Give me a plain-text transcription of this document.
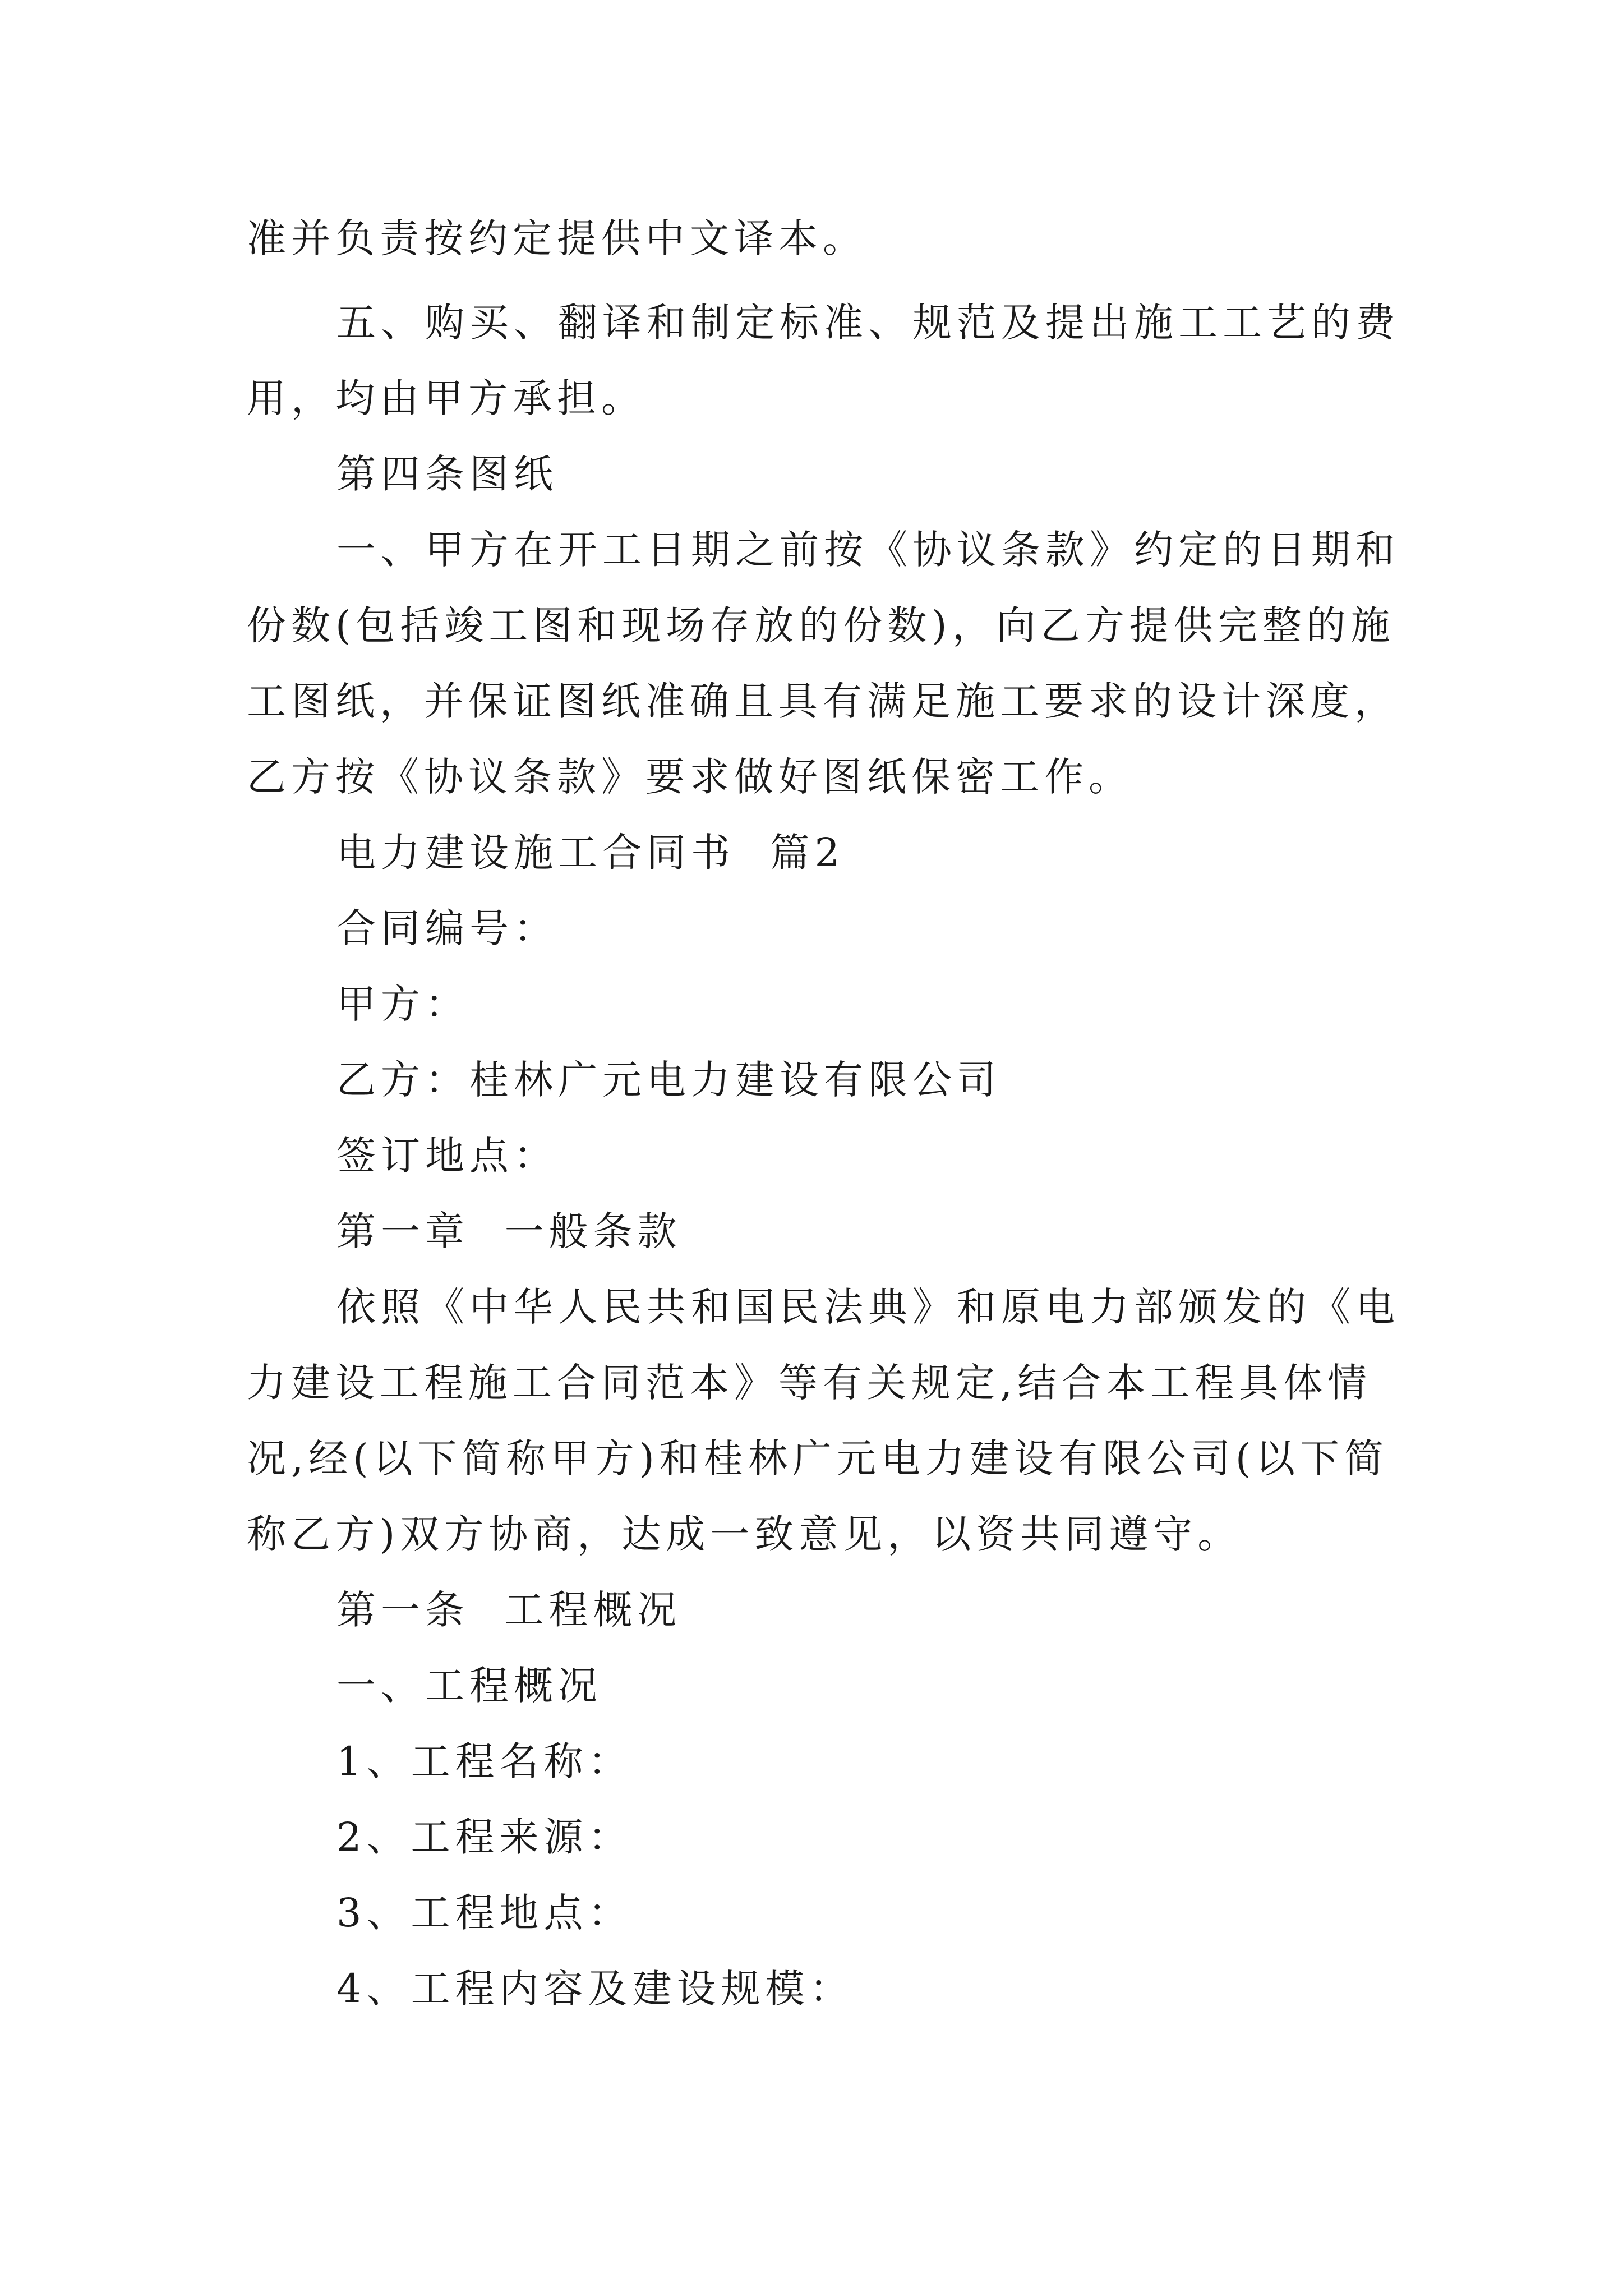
准并负责按约定提供中文译本。
五、购买、翻译和制定标准、规范及提出施工工艺的费
用，均由甲方承担。
第四条图纸
一、甲方在开工日期之前按《协议条款》约定的日期和
份数(包括竣工图和现场存放的份数)，向乙方提供完整的施
工图纸，并保证图纸准确且具有满足施工要求的设计深度，
乙方按《协议条款》要求做好图纸保密工作。
电力建设施工合同书  篇2
合同编号：
甲方：
乙方：桂林广元电力建设有限公司
签订地点：
第一章  一般条款
依照《中华人民共和国民法典》和原电力部颁发的《电
力建设工程施工合同范本》等有关规定,结合本工程具体情
况,经(以下简称甲方)和桂林广元电力建设有限公司(以下简
称乙方)双方协商，达成一致意见，以资共同遵守。
第一条  工程概况
一、工程概况
1、工程名称：
2、工程来源：
3、工程地点：
4、工程内容及建设规模：
